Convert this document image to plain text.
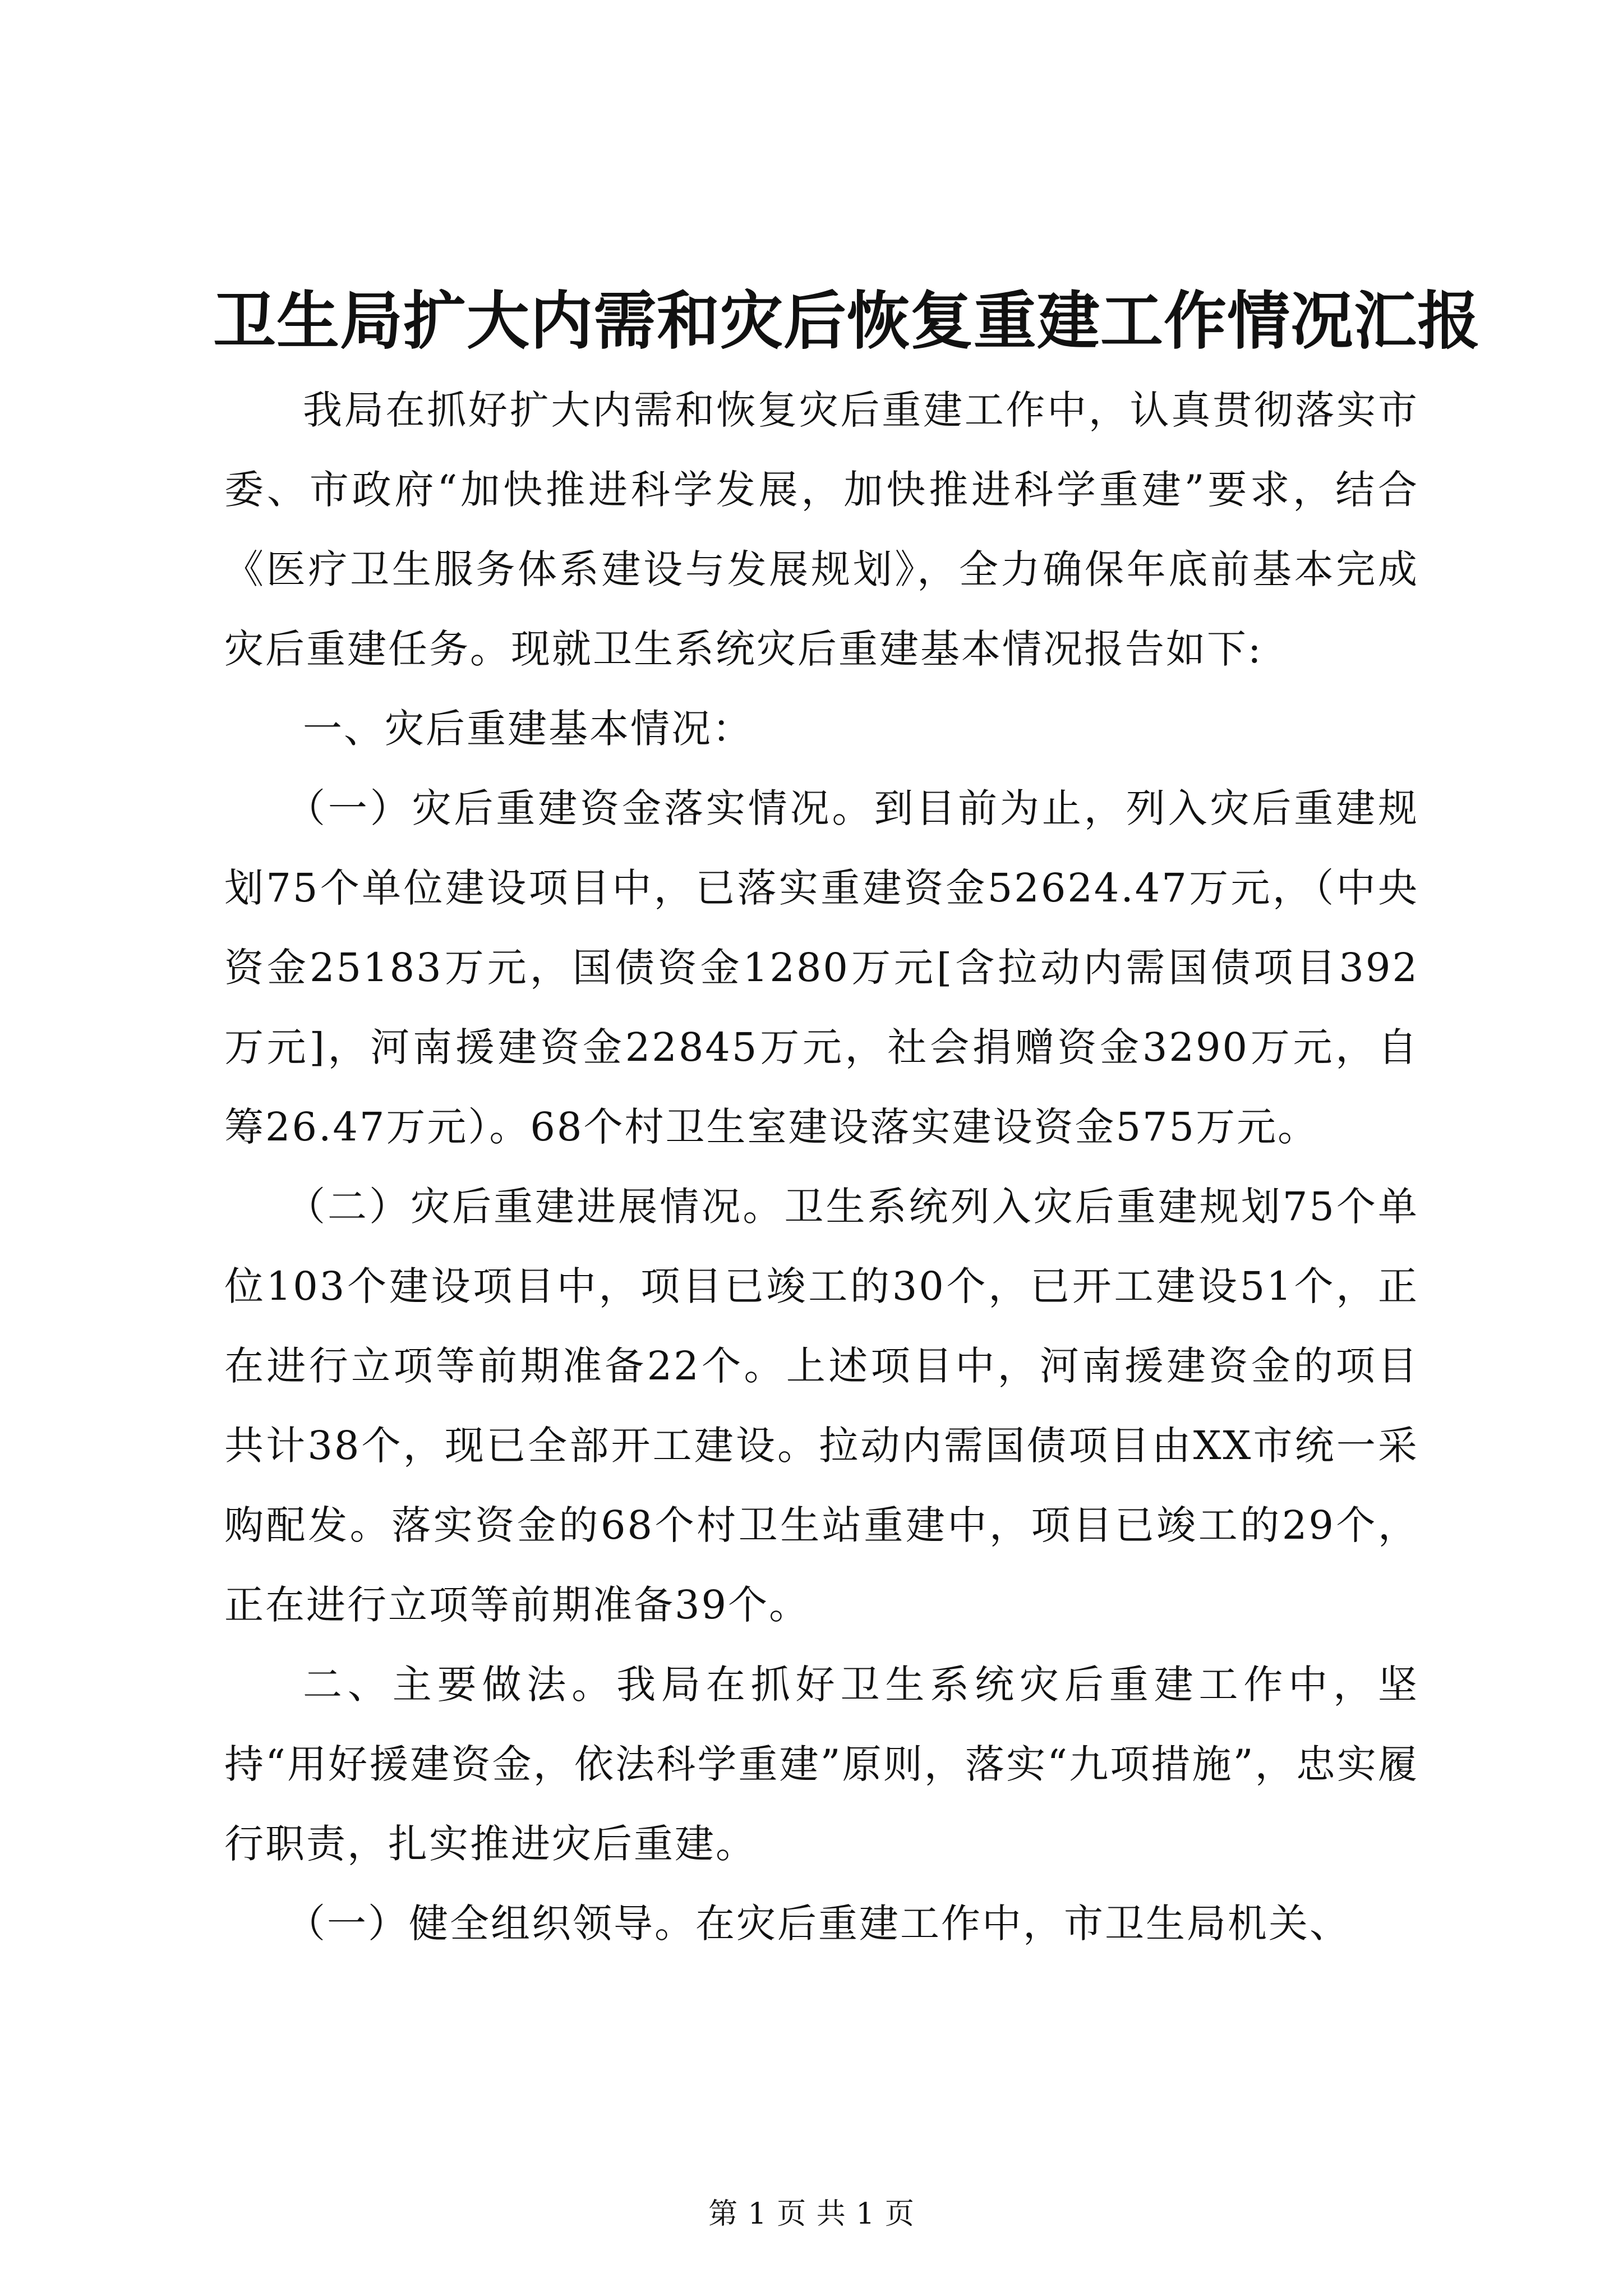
卫生局扩大内需和灾后恢复重建工作情况汇报

我局在抓好扩大内需和恢复灾后重建工作中，认真贯彻落实市委、市政府“加快推进科学发展，加快推进科学重建”要求，结合《医疗卫生服务体系建设与发展规划》，全力确保年底前基本完成灾后重建任务。现就卫生系统灾后重建基本情况报告如下:

一、灾后重建基本情况：

（一）灾后重建资金落实情况。到目前为止，列入灾后重建规划75个单位建设项目中，已落实重建资金52624.47万元，（中央资金25183万元，国债资金1280万元[含拉动内需国债项目392万元]，河南援建资金22845万元，社会捐赠资金3290万元，自筹26.47万元）。68个村卫生室建设落实建设资金575万元。

（二）灾后重建进展情况。卫生系统列入灾后重建规划75个单位103个建设项目中，项目已竣工的30个，已开工建设51个，正在进行立项等前期准备22个。上述项目中，河南援建资金的项目共计38个，现已全部开工建设。拉动内需国债项目由XX市统一采购配发。落实资金的68个村卫生站重建中，项目已竣工的29个，正在进行立项等前期准备39个。

二、主要做法。我局在抓好卫生系统灾后重建工作中，坚持“用好援建资金，依法科学重建”原则，落实“九项措施”，忠实履行职责，扎实推进灾后重建。

（一）健全组织领导。在灾后重建工作中，市卫生局机关、

第 1 页 共 1 页
